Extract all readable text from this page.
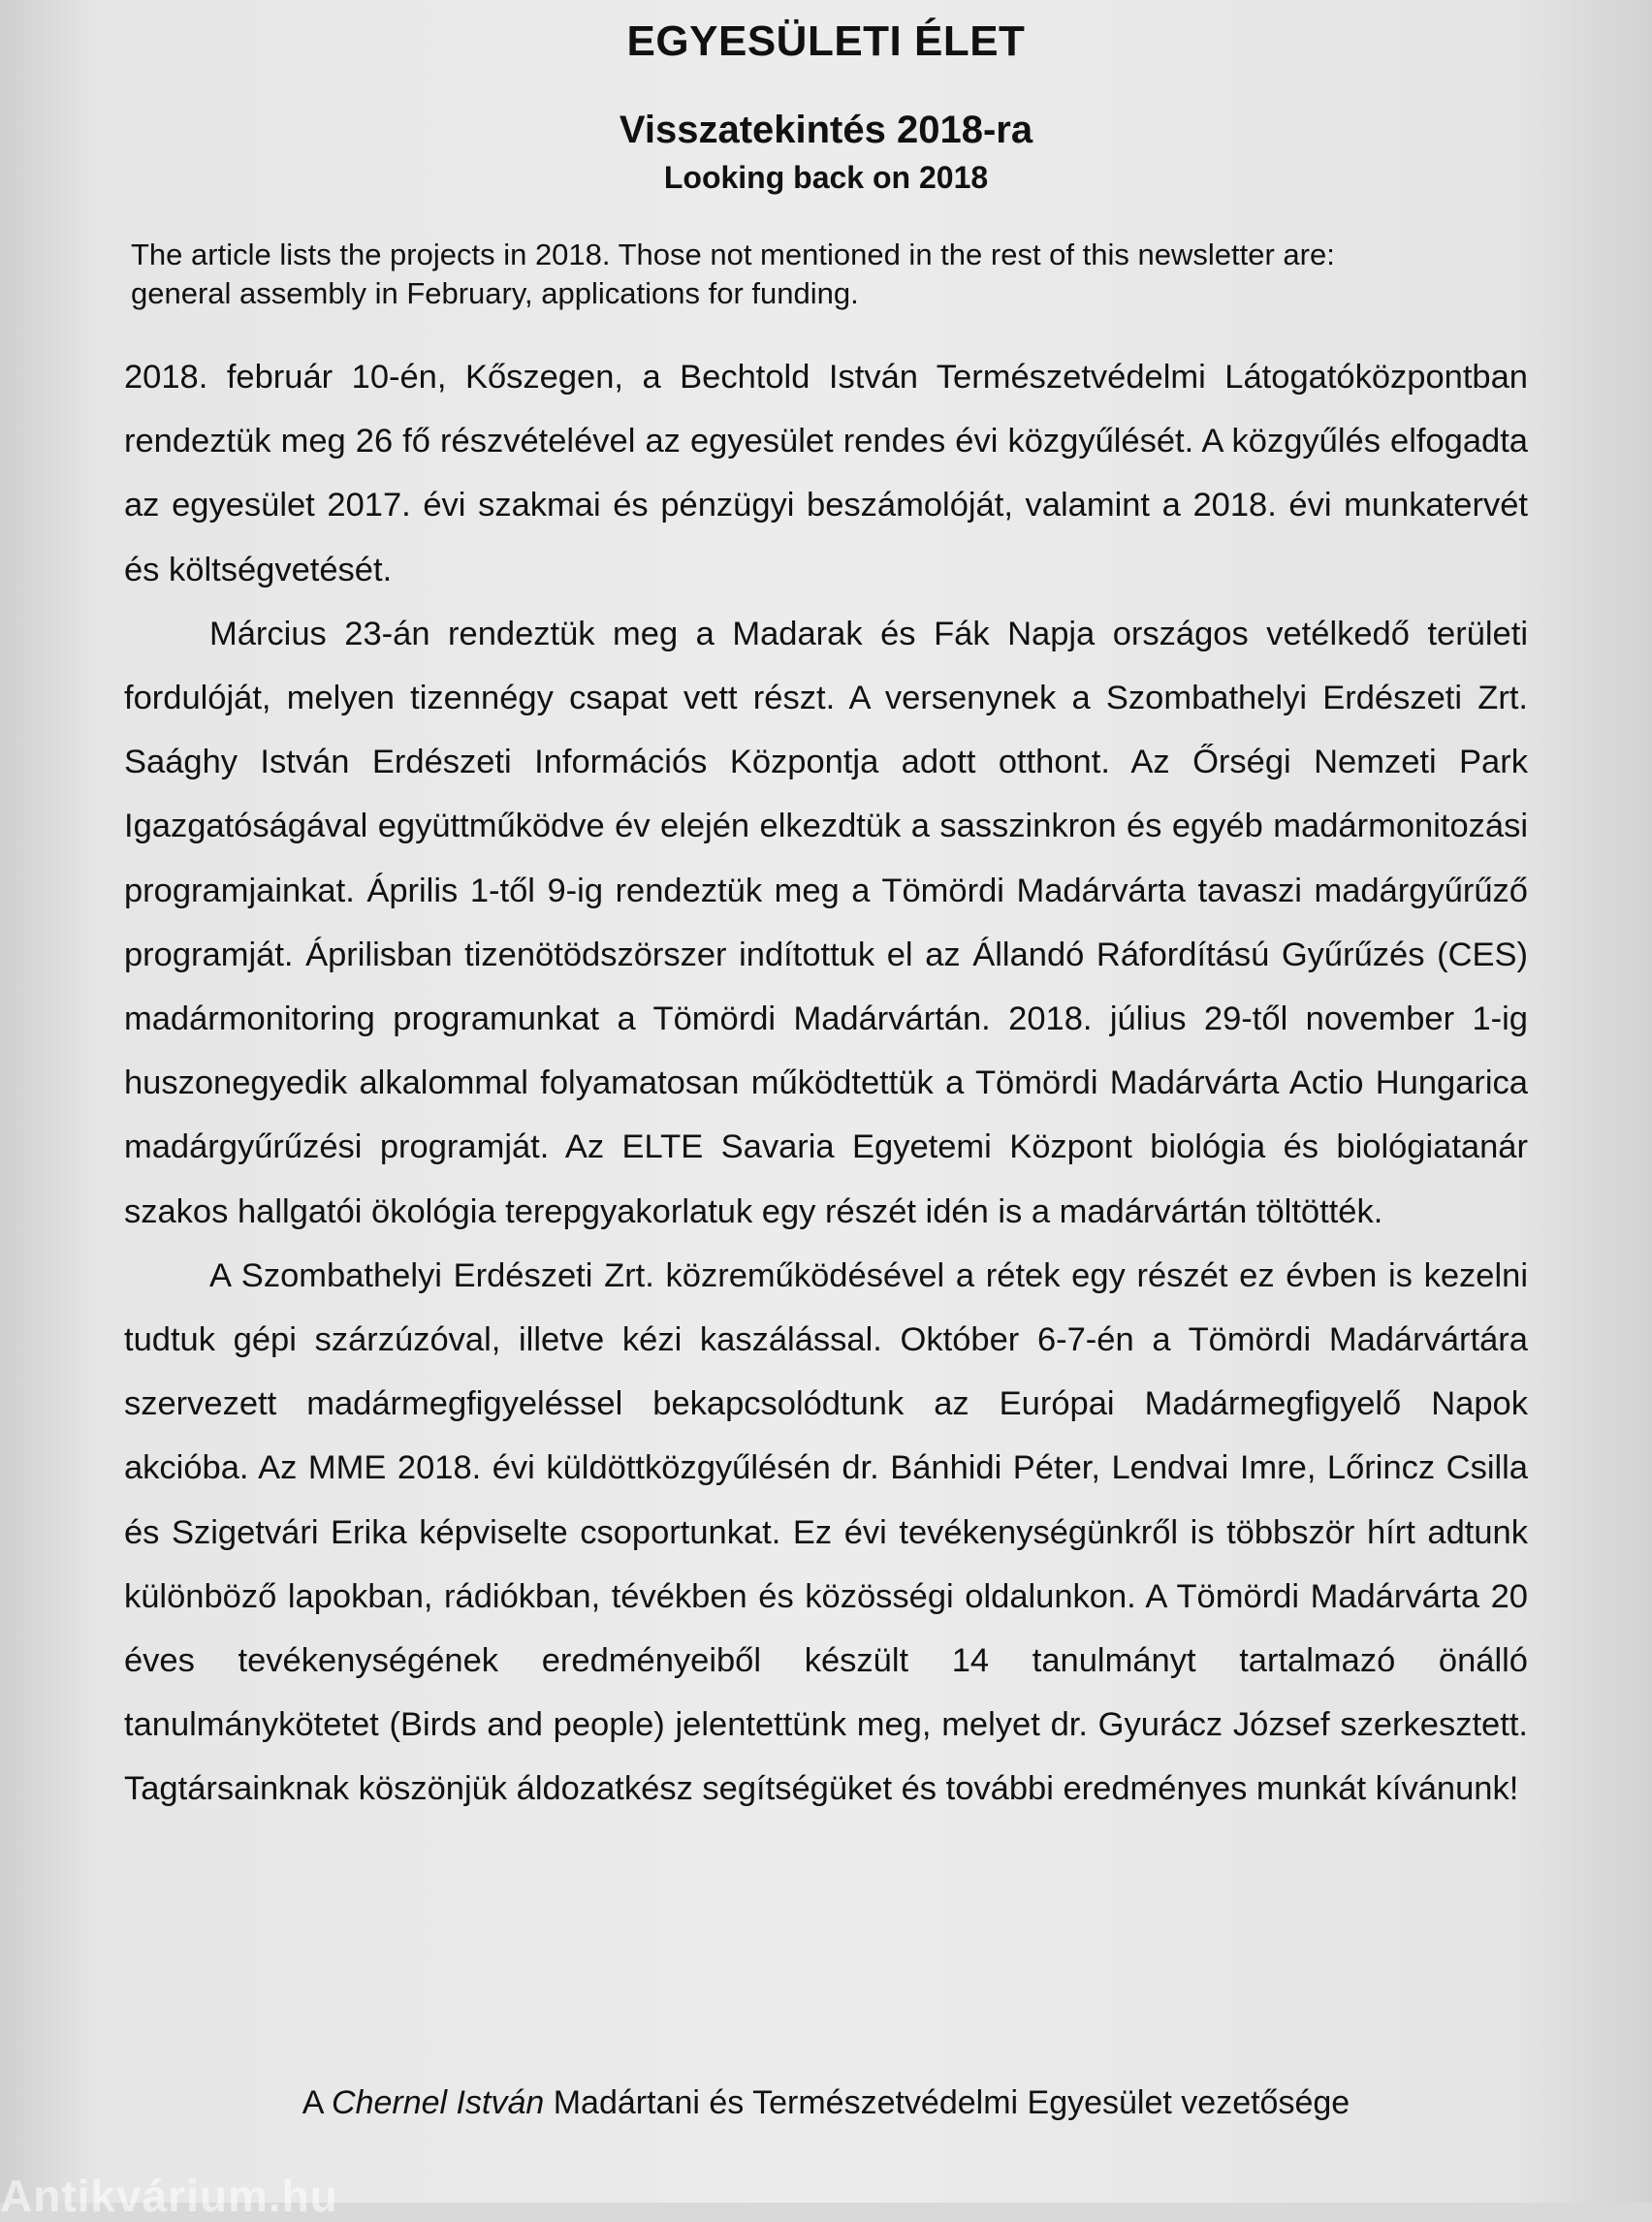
EGYESÜLETI ÉLET
Visszatekintés 2018-ra
Looking back on 2018
The article lists the projects in 2018. Those not mentioned in the rest of this newsletter are:
general assembly in February, applications for funding.

2018. február 10-én, Kőszegen, a Bechtold István Természetvédelmi Látogatóközpontban rendeztük meg 26 fő részvételével az egyesület rendes évi közgyűlését. A közgyűlés elfogadta az egyesület 2017. évi szakmai és pénzügyi beszámolóját, valamint a 2018. évi munkatervét és költségvetését.

Március 23-án rendeztük meg a Madarak és Fák Napja országos vetélkedő területi fordulóját, melyen tizennégy csapat vett részt. A versenynek a Szombathelyi Erdészeti Zrt. Saághy István Erdészeti Információs Központja adott otthont. Az Őrségi Nemzeti Park Igazgatóságával együttműködve év elején elkezdtük a sasszinkron és egyéb madármonitozási programjainkat. Április 1-től 9-ig rendeztük meg a Tömördi Madárvárta tavaszi madárgyűrűző programját. Áprilisban tizenötödszörszer indítottuk el az Állandó Ráfordítású Gyűrűzés (CES) madármonitoring programunkat a Tömördi Madárvártán. 2018. július 29-től november 1-ig huszonegyedik alkalommal folyamatosan működtettük a Tömördi Madárvárta Actio Hungarica madárgyűrűzési programját. Az ELTE Savaria Egyetemi Központ biológia és biológiatanár szakos hallgatói ökológia terepgyakorlatuk egy részét idén is a madárvártán töltötték.

A Szombathelyi Erdészeti Zrt. közreműködésével a rétek egy részét ez évben is kezelni tudtuk gépi szárzúzóval, illetve kézi kaszálással. Október 6-7-én a Tömördi Madárvártára szervezett madármegfigyeléssel bekapcsolódtunk az Európai Madármegfigyelő Napok akcióba. Az MME 2018. évi küldöttközgyűlésén dr. Bánhidi Péter, Lendvai Imre, Lőrincz Csilla és Szigetvári Erika képviselte csoportunkat. Ez évi tevékenységünkről is többször hírt adtunk különböző lapokban, rádiókban, tévékben és közösségi oldalunkon. A Tömördi Madárvárta 20 éves tevékenységének eredményeiből készült 14 tanulmányt tartalmazó önálló tanulmánykötetet (Birds and people) jelentettünk meg, melyet dr. Gyurácz József szerkesztett. Tagtársainknak köszönjük áldozatkész segítségüket és további eredményes munkát kívánunk!

A Chernel István Madártani és Természetvédelmi Egyesület vezetősége
Antikvárium.hu
